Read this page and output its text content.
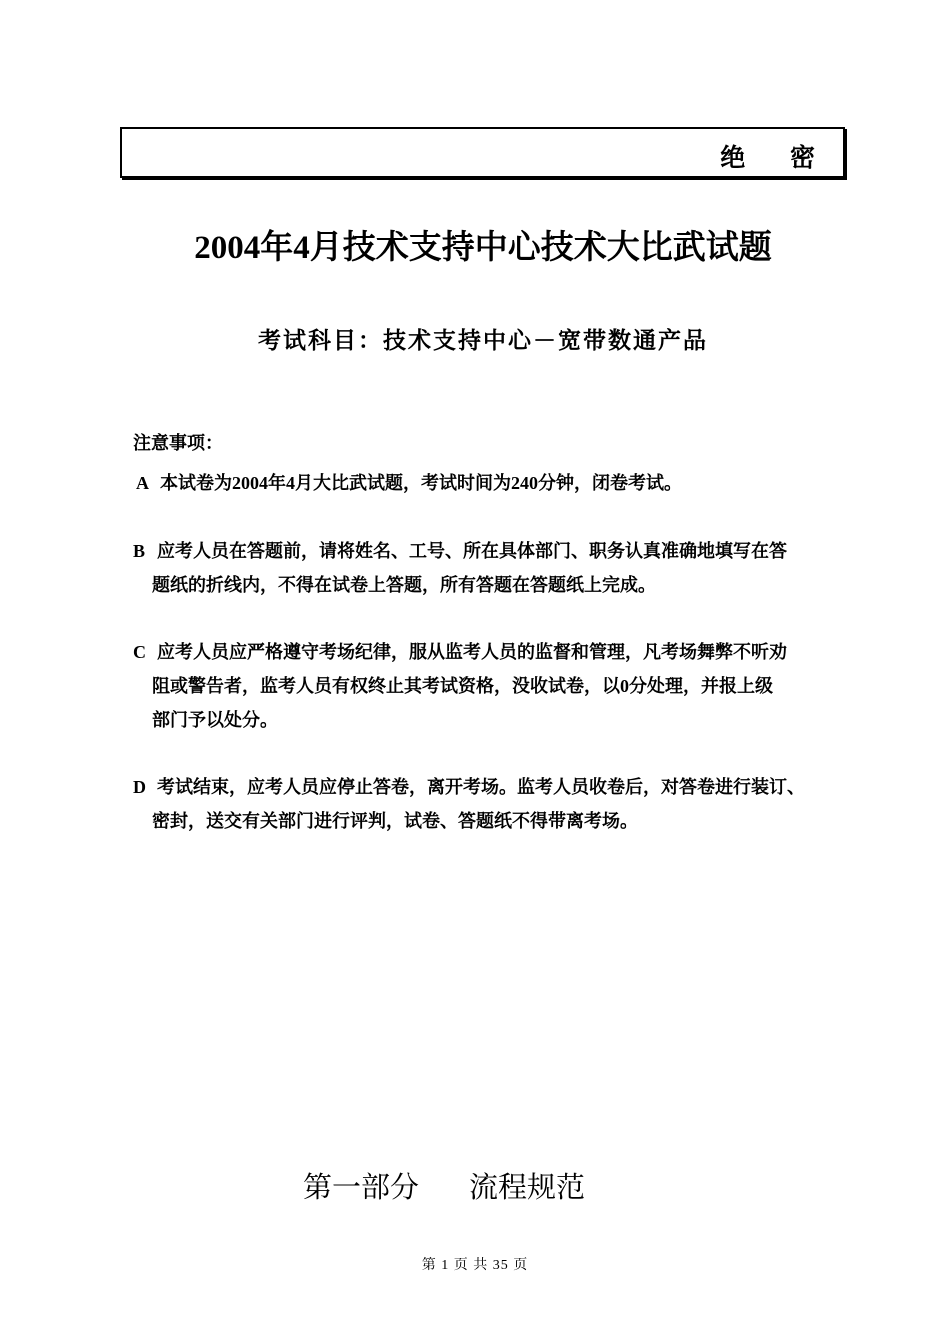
绝 密
2004年4月技术支持中心技术大比武试题
考试科目：技术支持中心－宽带数通产品
注意事项：
A 本试卷为2004年4月大比武试题，考试时间为240分钟，闭卷考试。
B 应考人员在答题前，请将姓名、工号、所在具体部门、职务认真准确地填写在答
题纸的折线内，不得在试卷上答题，所有答题在答题纸上完成。
C 应考人员应严格遵守考场纪律，服从监考人员的监督和管理，凡考场舞弊不听劝
阻或警告者，监考人员有权终止其考试资格，没收试卷，以0分处理，并报上级
部门予以处分。
D 考试结束，应考人员应停止答卷，离开考场。监考人员收卷后，对答卷进行装订、
密封，送交有关部门进行评判，试卷、答题纸不得带离考场。
第一部分 流程规范
第 1 页 共 35 页
